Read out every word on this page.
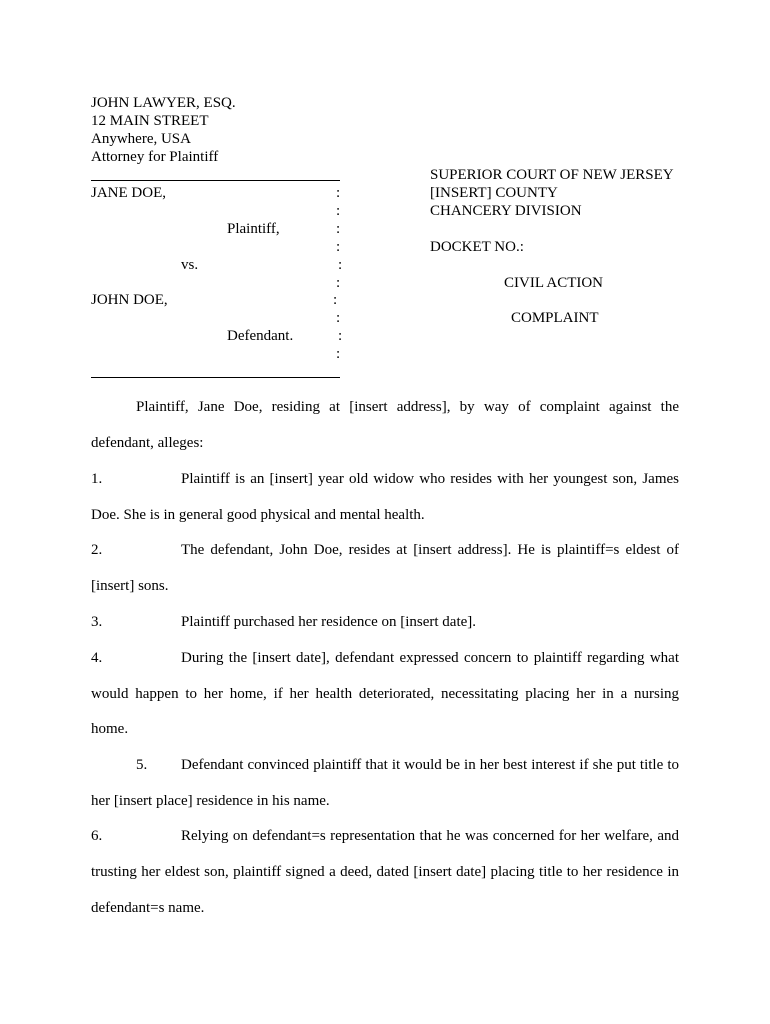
JOHN LAWYER, ESQ.
12 MAIN STREET
Anywhere, USA
Attorney for Plaintiff
JANE DOE,
Plaintiff,
vs.
JOHN DOE,
Defendant.
:
:
:
:
:
:
:
:
:
:
SUPERIOR COURT OF NEW JERSEY
[INSERT] COUNTY
CHANCERY DIVISION
DOCKET NO.:
CIVIL ACTION
COMPLAINT
Plaintiff, Jane Doe, residing at [insert address], by way of complaint against the
defendant, alleges:
1.	Plaintiff is an [insert] year old widow who resides with her youngest son, James
Doe. She is in general good physical and mental health.
2.	The defendant, John Doe, resides at [insert address]. He is plaintiff=s eldest of
[insert] sons.
3.	Plaintiff purchased her residence on [insert date].
4.	During the [insert date], defendant expressed concern to plaintiff regarding what
would happen to her home, if her health deteriorated, necessitating placing her in a nursing
home.
5. Defendant convinced plaintiff that it would be in her best interest if she put title to
her [insert place] residence in his name.
6.	Relying on defendant=s representation that he was concerned for her welfare, and
trusting her eldest son, plaintiff signed a deed, dated [insert date] placing title to her residence in
defendant=s name.
